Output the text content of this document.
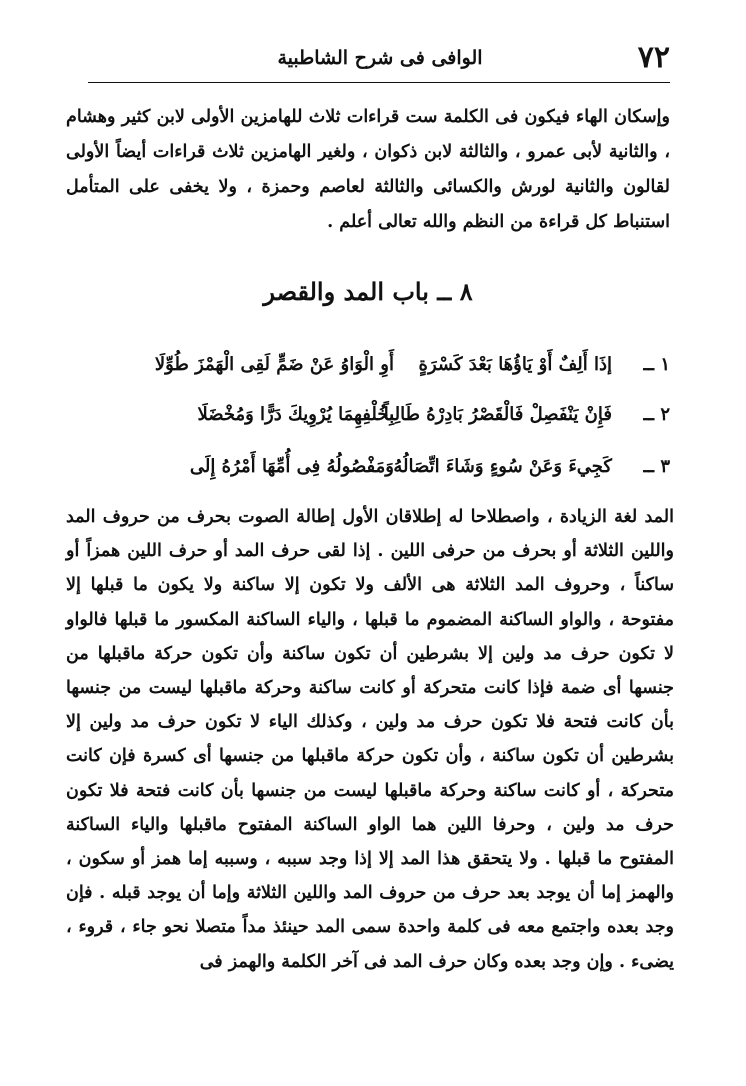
٧٢
الوافى فى شرح الشاطبية

وإسكان الهاء فيكون فى الكلمة ست قراءات ثلاث للهامزين الأولى لابن كثير وهشام ، والثانية لأبى عمرو ، والثالثة لابن ذكوان ، ولغير الهامزين ثلاث قراءات أيضاً الأولى لقالون والثانية لورش والكسائى والثالثة لعاصم وحمزة ، ولا يخفى على المتأمل استنباط كل قراءة من النظم والله تعالى أعلم .

٨ ــ باب المد والقصر
١ ــ
إذَا أَلِفٌ أَوْ يَاؤُهَا بَعْدَ كَسْرَةٍ
أَوِ الْوَاوُ عَنْ ضَمٍّ لَقِى الْهَمْزَ طُوِّلَا
٢ ــ
فَإِنْ يَنْفَصِلْ فَالْقَصْرُ بَادِرْهُ طَالِباً
بِخُلْفِهِمَا يُرْوِيكَ دَرًّا وَمُخْضَلَا
٣ ــ
كَجِيءَ وَعَنْ سُوءٍ وَشَاءَ اتِّصَالُهُ
وَمَفْصُولُهُ فِى أُمِّهَا أَمْرُهُ إِلَى

المد لغة الزيادة ، واصطلاحا له إطلاقان الأول إطالة الصوت بحرف من حروف المد واللين الثلاثة أو بحرف من حرفى اللين . إذا لقى حرف المد أو حرف اللين همزاً أو ساكناً ، وحروف المد الثلاثة هى الألف ولا تكون إلا ساكنة ولا يكون ما قبلها إلا مفتوحة ، والواو الساكنة المضموم ما قبلها ، والياء الساكنة المكسور ما قبلها فالواو لا تكون حرف مد ولين إلا بشرطين أن تكون ساكنة وأن تكون حركة ماقبلها من جنسها أى ضمة فإذا كانت متحركة أو كانت ساكنة وحركة ماقبلها ليست من جنسها بأن كانت فتحة فلا تكون حرف مد ولين ، وكذلك الياء لا تكون حرف مد ولين إلا بشرطين أن تكون ساكنة ، وأن تكون حركة ماقبلها من جنسها أى كسرة فإن كانت متحركة ، أو كانت ساكنة وحركة ماقبلها ليست من جنسها بأن كانت فتحة فلا تكون حرف مد ولين ، وحرفا اللين هما الواو الساكنة المفتوح ماقبلها والياء الساكنة المفتوح ما قبلها . ولا يتحقق هذا المد إلا إذا وجد سببه ، وسببه إما همز أو سكون ، والهمز إما أن يوجد بعد حرف من حروف المد واللين الثلاثة وإما أن يوجد قبله . فإن وجد بعده واجتمع معه فى كلمة واحدة سمى المد حينئذ مداً متصلا نحو جاء ، قروء ، يضىء . وإن وجد بعده وكان حرف المد فى آخر الكلمة والهمز فى
